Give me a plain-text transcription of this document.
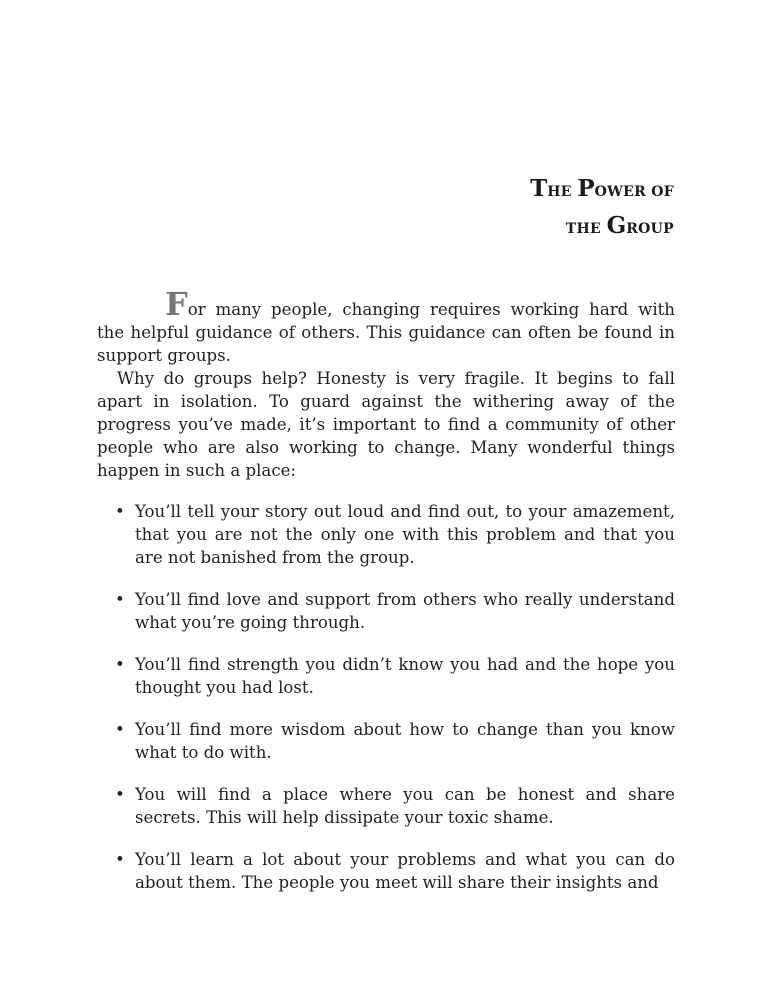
THE POWER OF
THE GROUP

For many people, changing requires working hard with the helpful guidance of others. This guidance can often be found in support groups.

Why do groups help? Honesty is very fragile. It begins to fall apart in isolation. To guard against the withering away of the progress you’ve made, it’s important to find a community of other people who are also working to change. Many wonderful things happen in such a place:

• You’ll tell your story out loud and find out, to your amazement, that you are not the only one with this problem and that you are not banished from the group.
• You’ll find love and support from others who really understand what you’re going through.
• You’ll find strength you didn’t know you had and the hope you thought you had lost.
• You’ll find more wisdom about how to change than you know what to do with.
• You will find a place where you can be honest and share secrets. This will help dissipate your toxic shame.
• You’ll learn a lot about your problems and what you can do about them. The people you meet will share their insights and
